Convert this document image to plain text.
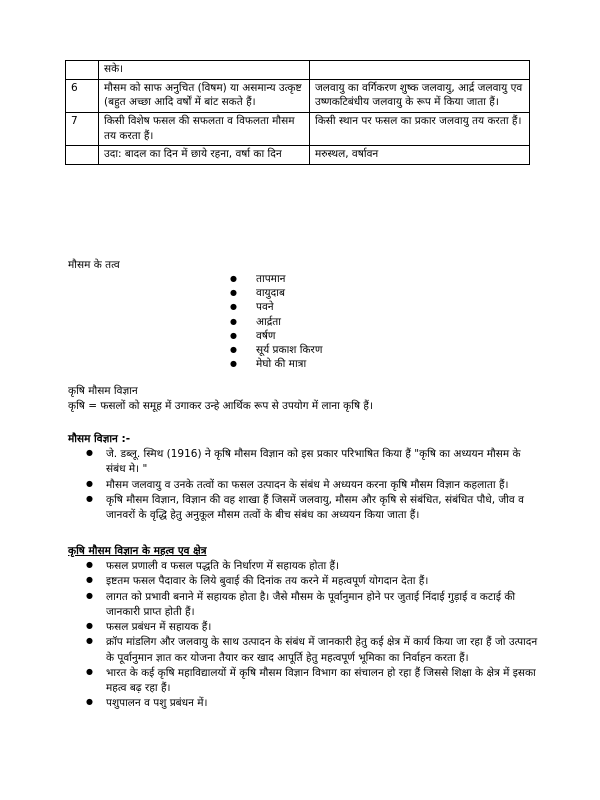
	सके।	
6	मौसम को साफ अनुचित (विषम) या असमान्य उत्कृष्ट (बहुत अच्छा आदि वर्षों में बांट सकते हैं।	जलवायु का वर्गिकरण शुष्क जलवायु, आर्द्र जलवायु एव उष्णकटिबंधीय जलवायु के रूप में किया जाता हैं।
7	किसी विशेष फसल की सफलता व विफलता मौसम तय करता हैं।	किसी स्थान पर फसल का प्रकार जलवायु तय करता हैं।
	उदा: बादल का दिन में छाये रहना, वर्षा का दिन	मरुस्थल, वर्षावन

मौसम के तत्व

● तापमान
● वायुदाब
● पवने
● आर्द्रता
● वर्षण
● सूर्य प्रकाश किरण
● मेघो की मात्रा

कृषि मौसम विज्ञान

कृषि = फसलों को समूह में उगाकर उन्हे आर्थिक रूप से उपयोग में लाना कृषि हैं।

मौसम विज्ञान :-

● जे. डब्लू. स्मिथ (1916) ने कृषि मौसम विज्ञान को इस प्रकार परिभाषित किया हैं "कृषि का अध्ययन मौसम के संबंध मे। "
● मौसम जलवायु व उनके तत्वों का फसल उत्पादन के संबंध मे अध्ययन करना कृषि मौसम विज्ञान कहलाता हैं।
● कृषि मौसम विज्ञान, विज्ञान की वह शाखा हैं जिसमें जलवायु, मौसम और कृषि से संबंधित, संबंधित पौधे, जीव व जानवरों के वृद्धि हेतु अनुकूल मौसम तत्वों के बीच संबंध का अध्ययन किया जाता हैं।

कृषि मौसम विज्ञान के महत्व एव क्षेत्र

● फसल प्रणाली व फसल पद्धति के निर्धारण में सहायक होता हैं।
● इष्टतम फसल पैदावार के लिये बुवाई की दिनांक तय करने में महत्वपूर्ण योगदान देता हैं।
● लागत को प्रभावी बनाने में सहायक होता है। जैसे मौसम के पूर्वानुमान होने पर जुताई निंदाई गुड़ाई व कटाई की जानकारी प्राप्त होती हैं।
● फसल प्रबंधन में सहायक हैं।
● क्रॉप मांडलिग और जलवायु के साथ उत्पादन के संबंध में जानकारी हेतु कई क्षेत्र में कार्य किया जा रहा हैं जो उत्पादन के पूर्वानुमान ज्ञात कर योजना तैयार कर खाद आपूर्ति हेतु महत्वपूर्ण भूमिका का निर्वाहन करता हैं।
● भारत के कई कृषि महाविद्यालयों में कृषि मौसम विज्ञान विभाग का संचालन हो रहा हैं जिससे शिक्षा के क्षेत्र में इसका महत्व बढ़ रहा हैं।
● पशुपालन व पशु प्रबंधन में।
